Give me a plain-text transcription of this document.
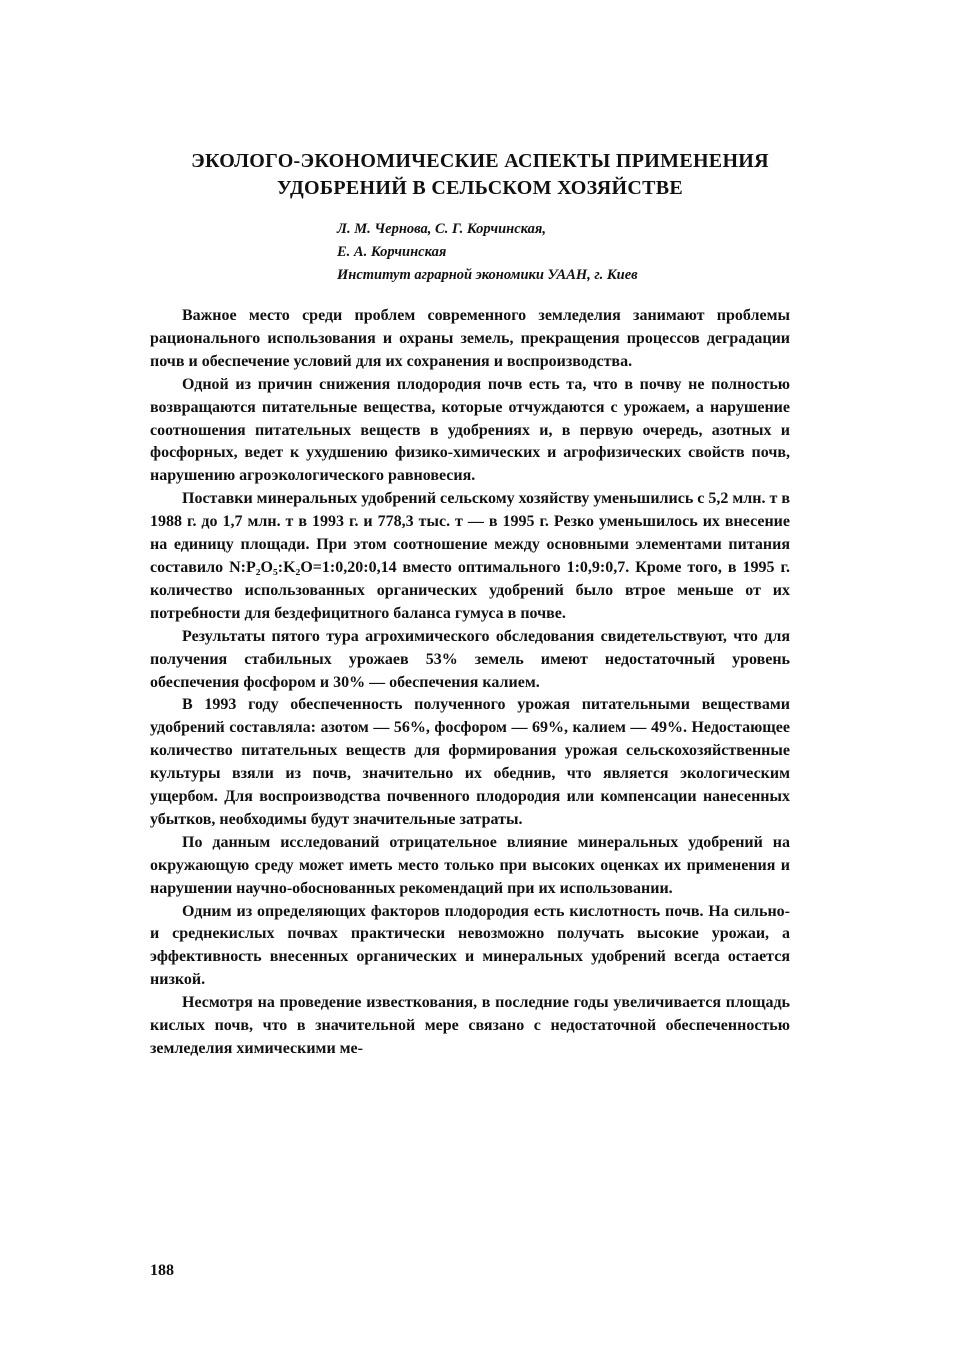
ЭКОЛОГО-ЭКОНОМИЧЕСКИЕ АСПЕКТЫ ПРИМЕНЕНИЯ
УДОБРЕНИЙ В СЕЛЬСКОМ ХОЗЯЙСТВЕ
Л. М. Чернова, С. Г. Корчинская,
Е. А. Корчинская
Институт аграрной экономики УААН, г. Киев

Важное место среди проблем современного земледелия занимают проблемы рационального использования и охраны земель, прекращения процессов деградации почв и обеспечение условий для их сохранения и воспроизводства.

Одной из причин снижения плодородия почв есть та, что в почву не полностью возвращаются питательные вещества, которые отчуждаются с урожаем, а нарушение соотношения питательных веществ в удобрениях и, в первую очередь, азотных и фосфорных, ведет к ухудшению физико-химических и агрофизических свойств почв, нарушению агроэкологического равновесия.

Поставки минеральных удобрений сельскому хозяйству уменьшились с 5,2 млн. т в 1988 г. до 1,7 млн. т в 1993 г. и 778,3 тыс. т — в 1995 г. Резко уменьшилось их внесение на единицу площади. При этом соотношение между основными элементами питания составило N:P₂O₅:K₂O=1:0,20:0,14 вместо оптимального 1:0,9:0,7. Кроме того, в 1995 г. количество использованных органических удобрений было втрое меньше от их потребности для бездефицитного баланса гумуса в почве.

Результаты пятого тура агрохимического обследования свидетельствуют, что для получения стабильных урожаев 53% земель имеют недостаточный уровень обеспечения фосфором и 30% — обеспечения калием.

В 1993 году обеспеченность полученного урожая питательными веществами удобрений составляла: азотом — 56%, фосфором — 69%, калием — 49%. Недостающее количество питательных веществ для формирования урожая сельскохозяйственные культуры взяли из почв, значительно их обеднив, что является экологическим ущербом. Для воспроизводства почвенного плодородия или компенсации нанесенных убытков, необходимы будут значительные затраты.

По данным исследований отрицательное влияние минеральных удобрений на окружающую среду может иметь место только при высоких оценках их применения и нарушении научно-обоснованных рекомендаций при их использовании.

Одним из определяющих факторов плодородия есть кислотность почв. На сильно- и среднекислых почвах практически невозможно получать высокие урожаи, а эффективность внесенных органических и минеральных удобрений всегда остается низкой.

Несмотря на проведение известкования, в последние годы увеличивается площадь кислых почв, что в значительной мере связано с недостаточной обеспеченностью земледелия химическими ме-

188
